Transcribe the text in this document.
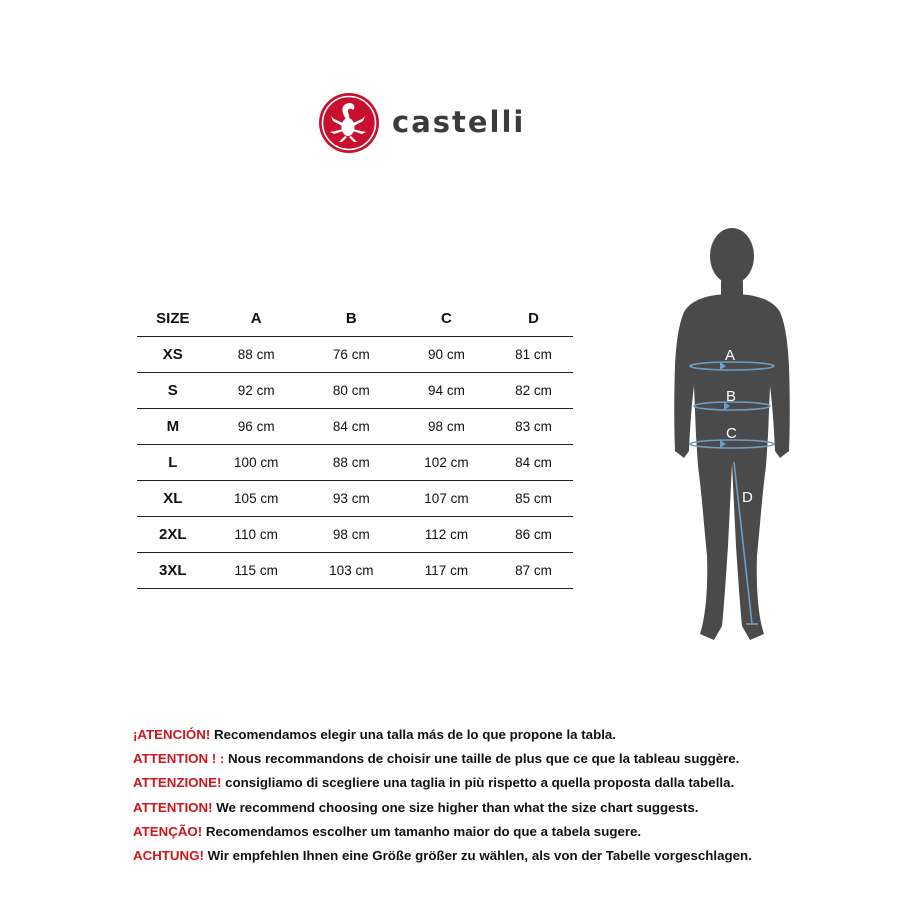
castelli
SIZE	A	B	C	D
XS	88 cm	76 cm	90 cm	81 cm
S	92 cm	80 cm	94 cm	82 cm
M	96 cm	84 cm	98 cm	83 cm
L	100 cm	88 cm	102 cm	84 cm
XL	105 cm	93 cm	107 cm	85 cm
2XL	110 cm	98 cm	112 cm	86 cm
3XL	115 cm	103 cm	117 cm	87 cm
A
B
C
D
¡ATENCIÓN! Recomendamos elegir una talla más de lo que propone la tabla.
ATTENTION ! : Nous recommandons de choisir une taille de plus que ce que la tableau suggère.
ATTENZIONE! consigliamo di scegliere una taglia in più rispetto a quella proposta dalla tabella.
ATTENTION! We recommend choosing one size higher than what the size chart suggests.
ATENÇÃO! Recomendamos escolher um tamanho maior do que a tabela sugere.
ACHTUNG! Wir empfehlen Ihnen eine Größe größer zu wählen, als von der Tabelle vorgeschlagen.
